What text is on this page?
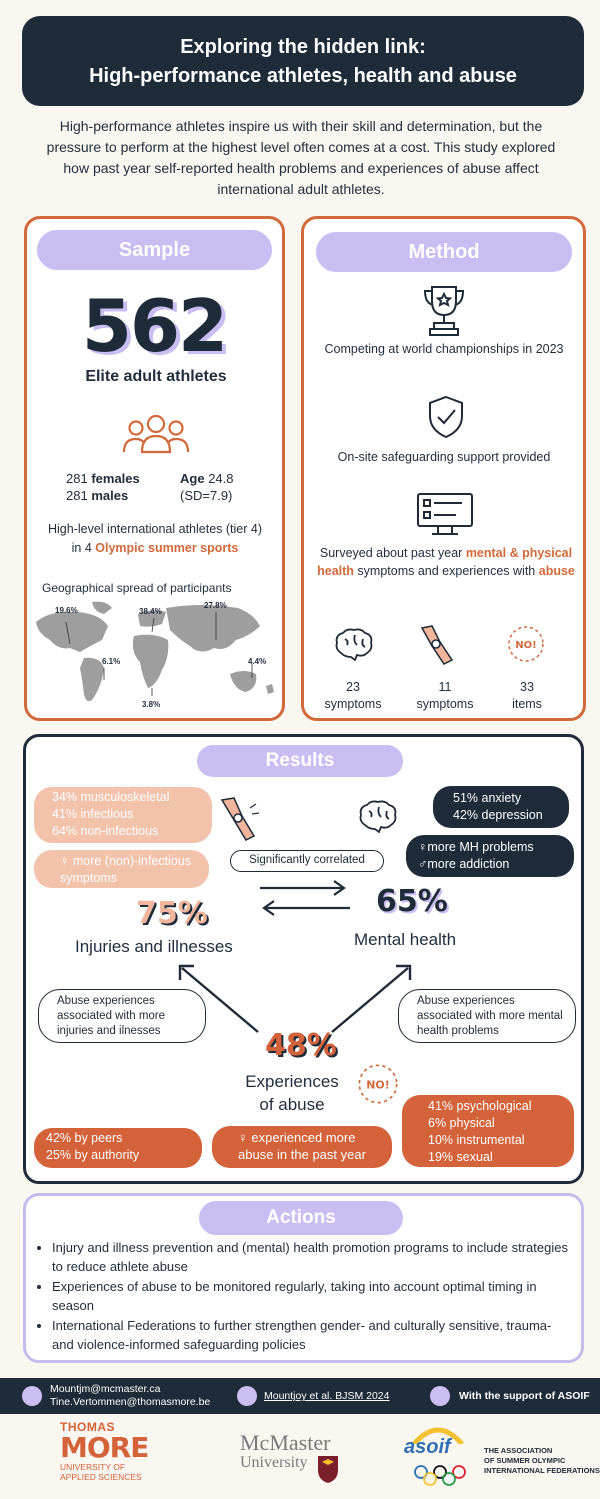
Exploring the hidden link:
High-performance athletes, health and abuse
High-performance athletes inspire us with their skill and determination, but the pressure to perform at the highest level often comes at a cost. This study explored how past year self-reported health problems and experiences of abuse affect international adult athletes.
Sample
562
Elite adult athletes
281 females
281 males
Age 24.8
(SD=7.9)
High-level international athletes (tier 4)
in 4 Olympic summer sports
Geographical spread of participants
19.6%	38.4%
27.8%
6.1%	4.4%
3.8%
Method
Competing at world championships in 2023
On-site safeguarding support provided
Surveyed about past year mental & physical health symptoms and experiences with abuse
NO!
23
symptoms
11
symptoms
33
items
Results
34% musculoskeletal
41% infectious
64% non-infectious
♀ more (non)-infectious symptoms
51% anxiety
42% depression
♀more MH problems
♂more addiction
Significantly correlated
75%
Injuries and illnesses
65%
Mental health
Abuse experiences associated with more injuries and ilnesses
Abuse experiences associated with more mental health problems
48%
Experiences of abuse
NO!
41% psychological
6% physical
10% instrumental
19% sexual
42% by peers
25% by authority
♀ experienced more abuse in the past year
Actions
• Injury and illness prevention and (mental) health promotion programs to include strategies to reduce athlete abuse
• Experiences of abuse to be monitored regularly, taking into account optimal timing in season
• International Federations to further strengthen gender- and culturally sensitive, trauma- and violence-informed safeguarding policies
Mountjm@mcmaster.ca
Tine.Vertommen@thomasmore.be	Mountjoy et al. BJSM 2024	With the support of ASOIF
THOMAS
MORE
UNIVERSITY OF
APPLIED SCIENCES
McMaster
University
asoif	THE ASSOCIATION
OF SUMMER OLYMPIC
INTERNATIONAL FEDERATIONS
